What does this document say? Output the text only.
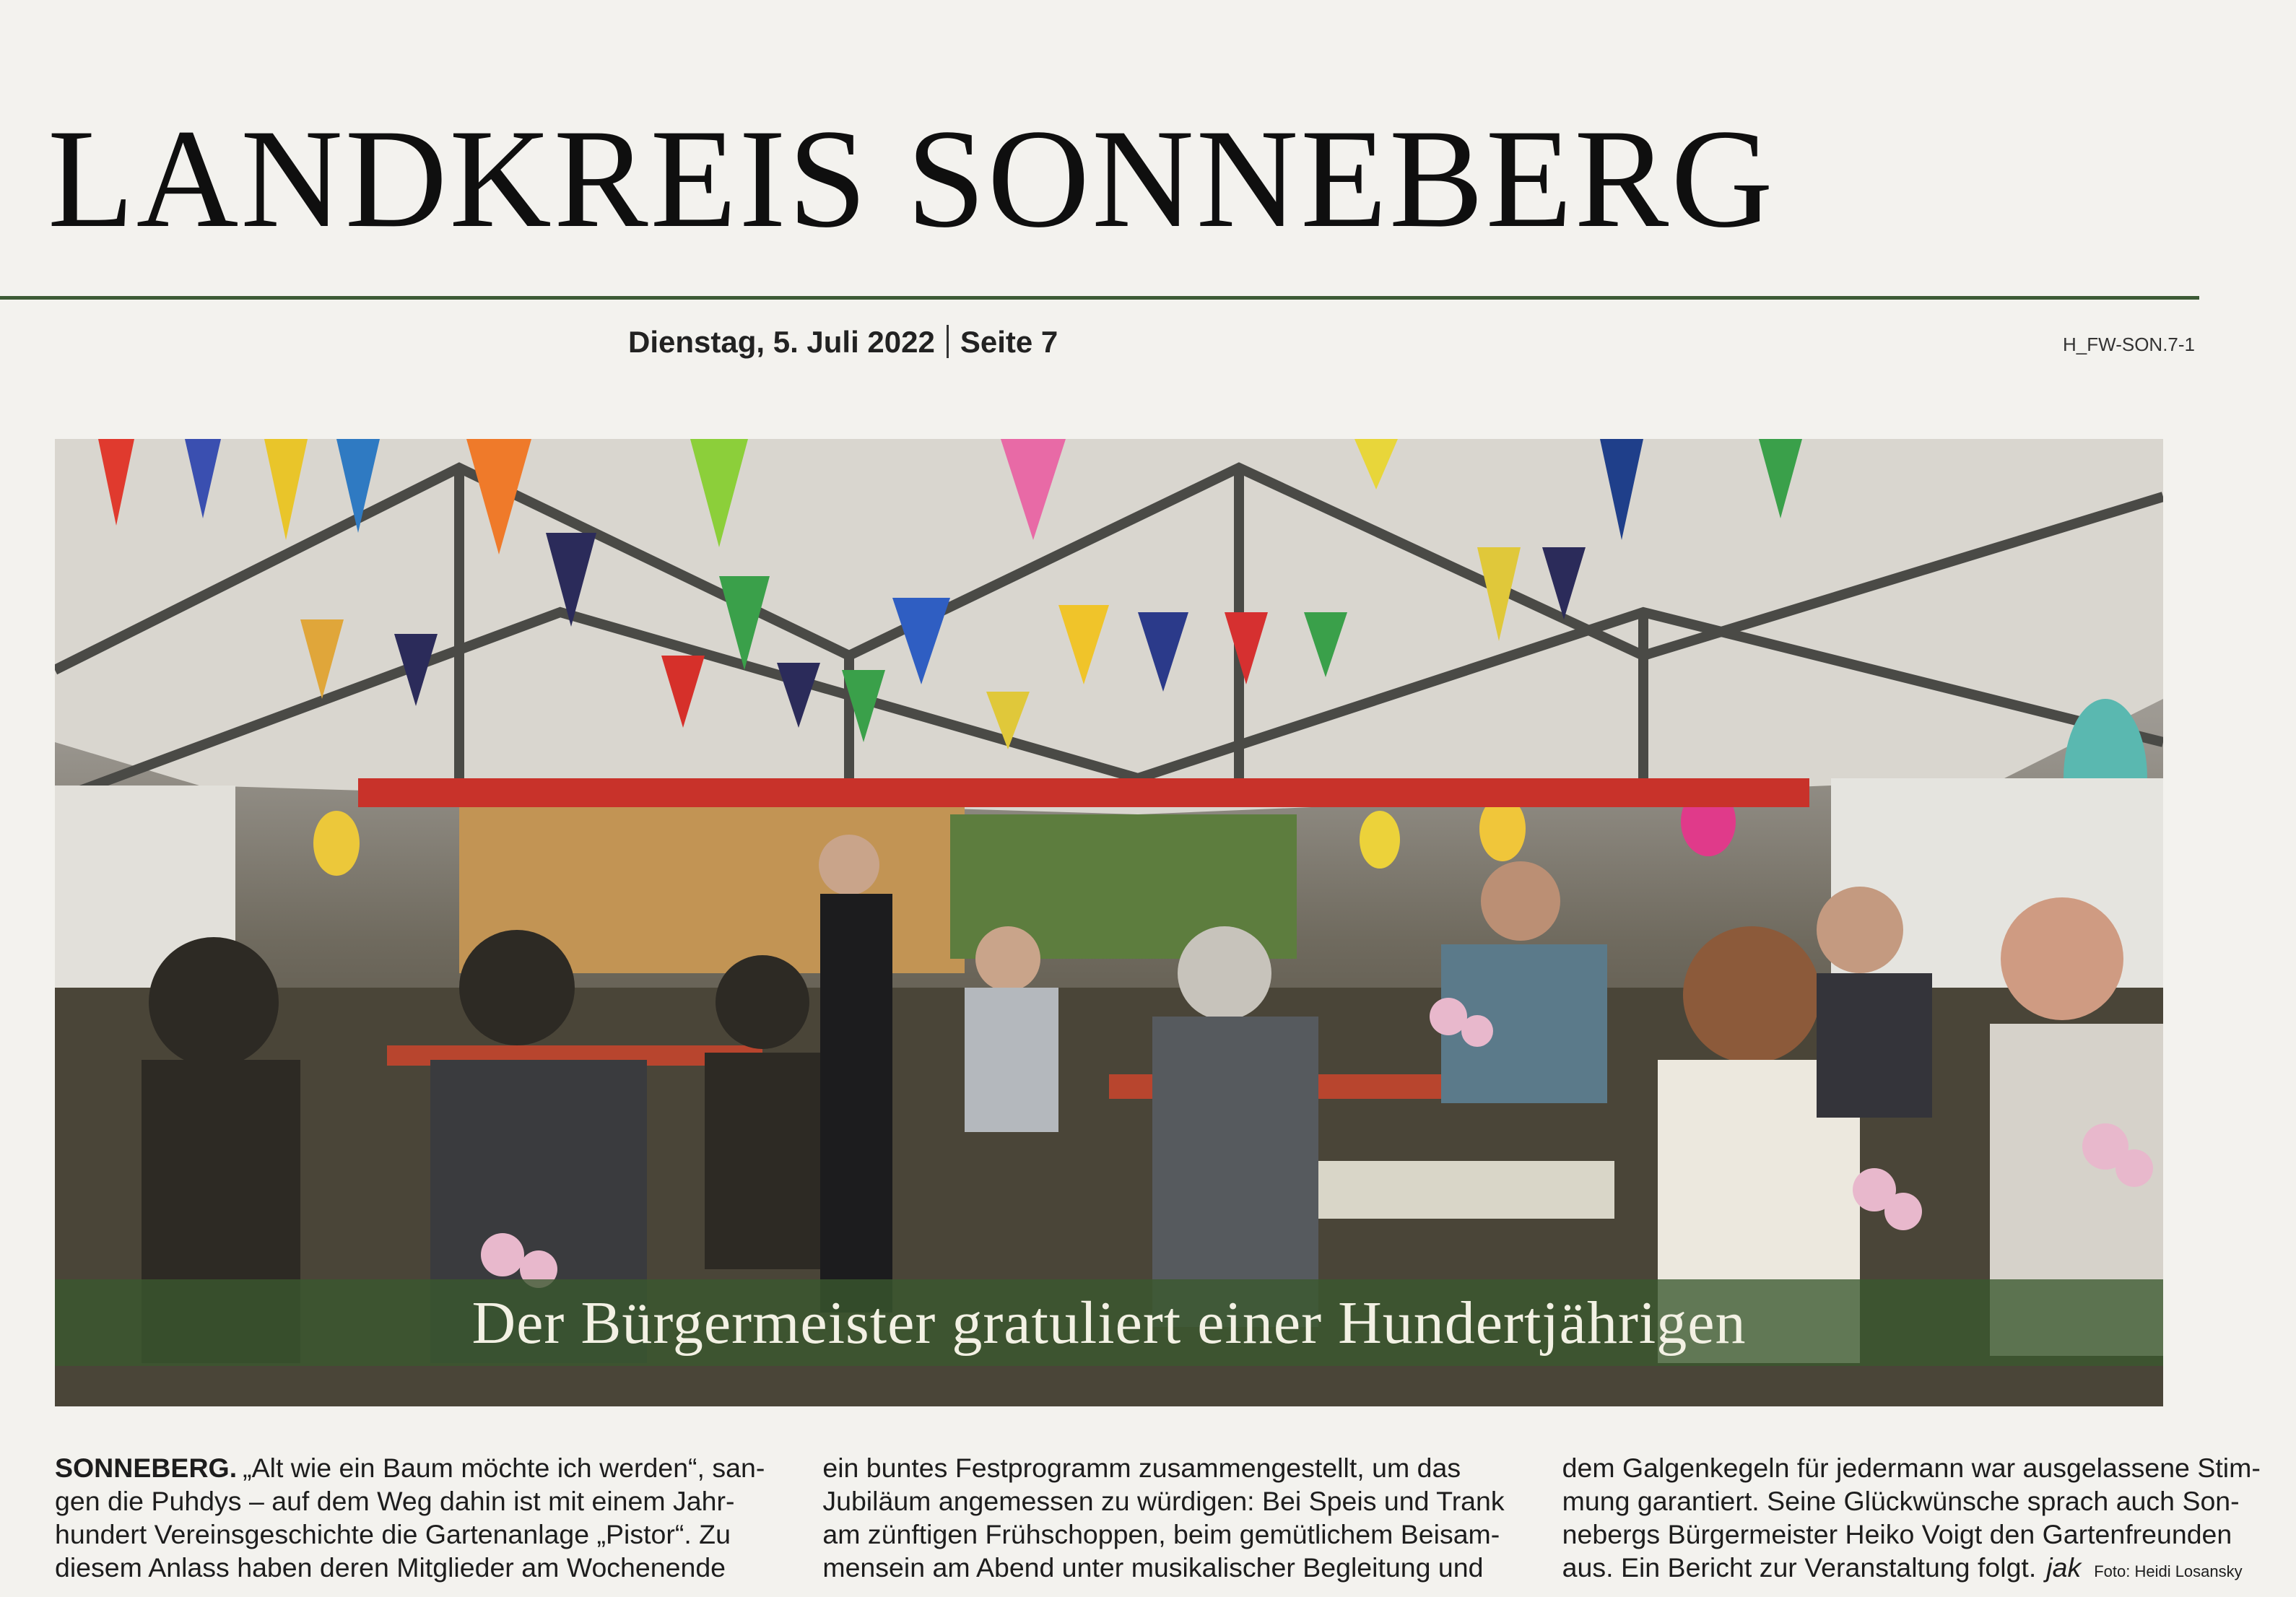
LANDKREIS SONNEBERG
Dienstag, 5. Juli 2022 Seite 7	H_FW-SON.7-1
Der Bürgermeister gratuliert einer Hundertjährigen
SONNEBERG. „Alt wie ein Baum möchte ich werden“, san-
gen die Puhdys – auf dem Weg dahin ist mit einem Jahr-
hundert Vereinsgeschichte die Gartenanlage „Pistor“. Zu
diesem Anlass haben deren Mitglieder am Wochenende
ein buntes Festprogramm zusammengestellt, um das
Jubiläum angemessen zu würdigen: Bei Speis und Trank
am zünftigen Frühschoppen, beim gemütlichem Beisam-
mensein am Abend unter musikalischer Begleitung und
dem Galgenkegeln für jedermann war ausgelassene Stim-
mung garantiert. Seine Glückwünsche sprach auch Son-
nebergs Bürgermeister Heiko Voigt den Gartenfreunden
aus. Ein Bericht zur Veranstaltung folgt. jak Foto: Heidi Losansky
